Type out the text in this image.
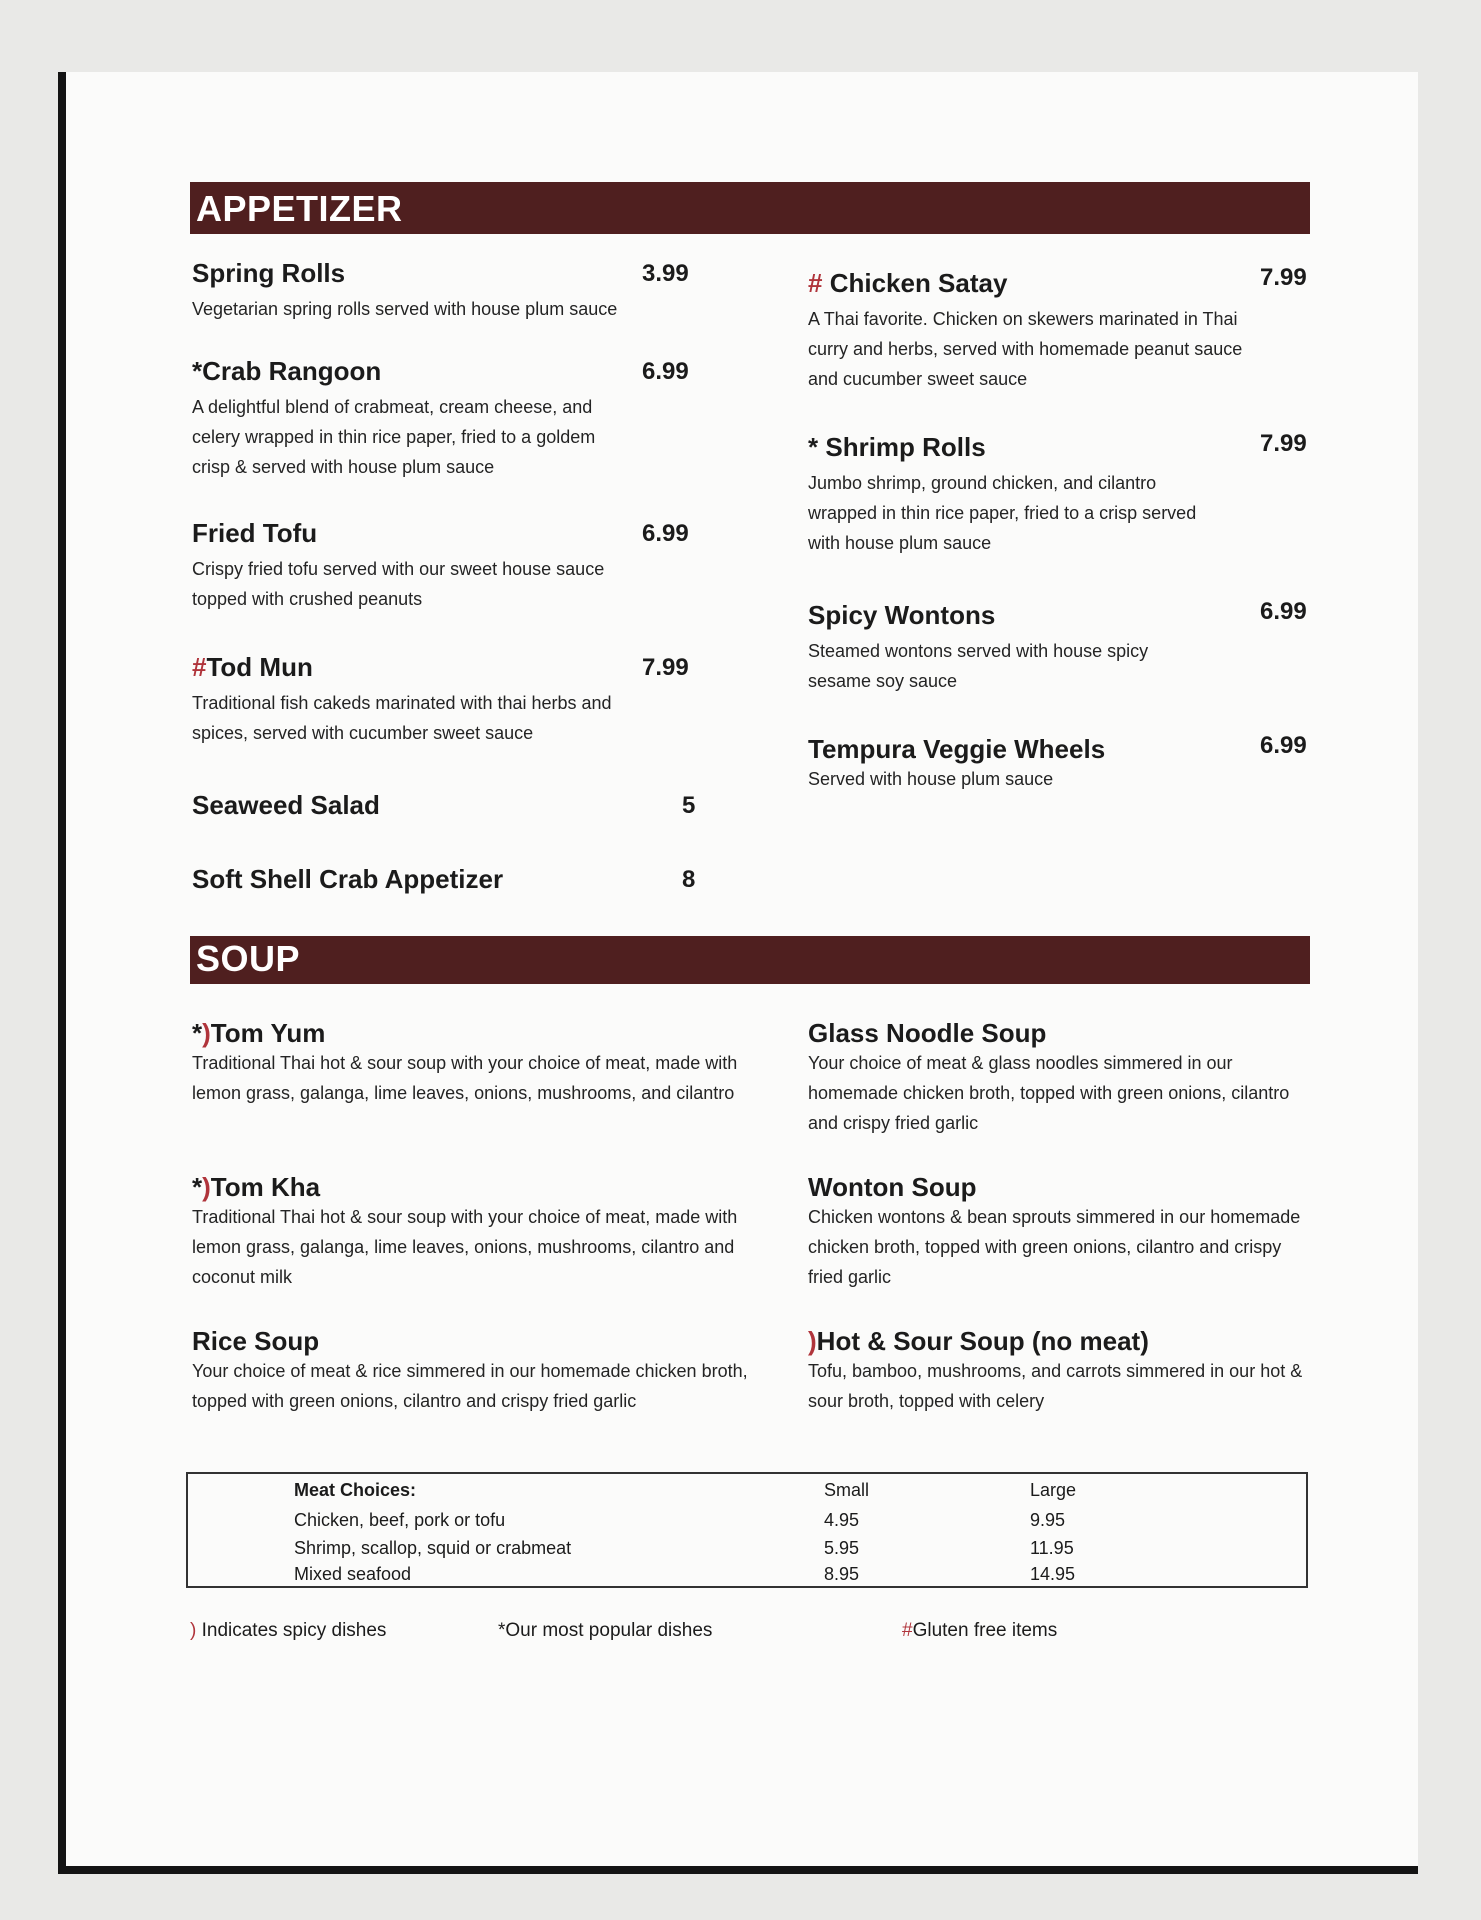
APPETIZER
Spring Rolls
Vegetarian spring rolls served with house plum sauce
3.99
*Crab Rangoon
A delightful blend of crabmeat, cream cheese, and celery wrapped in thin rice paper, fried to a goldem crisp & served with house plum sauce
6.99
Fried Tofu
Crispy fried tofu served with our sweet house sauce topped with crushed peanuts
6.99
#Tod Mun
Traditional fish cakeds marinated with thai herbs and spices, served with cucumber sweet sauce
7.99
Seaweed Salad	5
Soft Shell Crab Appetizer	8
# Chicken Satay
A Thai favorite. Chicken on skewers marinated in Thai curry and herbs, served with homemade peanut sauce and cucumber sweet sauce
7.99
* Shrimp Rolls
Jumbo shrimp, ground chicken, and cilantro wrapped in thin rice paper, fried to a crisp served with house plum sauce
7.99
Spicy Wontons
Steamed wontons served with house spicy sesame soy sauce
6.99
Tempura Veggie Wheels
Served with house plum sauce
6.99
SOUP
*)Tom Yum
Traditional Thai hot & sour soup with your choice of meat, made with lemon grass, galanga, lime leaves, onions, mushrooms, and cilantro
*)Tom Kha
Traditional Thai hot & sour soup with your choice of meat, made with lemon grass, galanga, lime leaves, onions, mushrooms, cilantro and coconut milk
Rice Soup
Your choice of meat & rice simmered in our homemade chicken broth, topped with green onions, cilantro and crispy fried garlic
Glass Noodle Soup
Your choice of meat & glass noodles simmered in our homemade chicken broth, topped with green onions, cilantro and crispy fried garlic
Wonton Soup
Chicken wontons & bean sprouts simmered in our homemade chicken broth, topped with green onions, cilantro and crispy fried garlic
)Hot & Sour Soup (no meat)
Tofu, bamboo, mushrooms, and carrots simmered in our hot & sour broth, topped with celery
Meat Choices:	Small	Large
Chicken, beef, pork or tofu	4.95	9.95
Shrimp, scallop, squid or crabmeat	5.95	11.95
Mixed seafood	8.95	14.95
) Indicates spicy dishes	*Our most popular dishes	#Gluten free items
